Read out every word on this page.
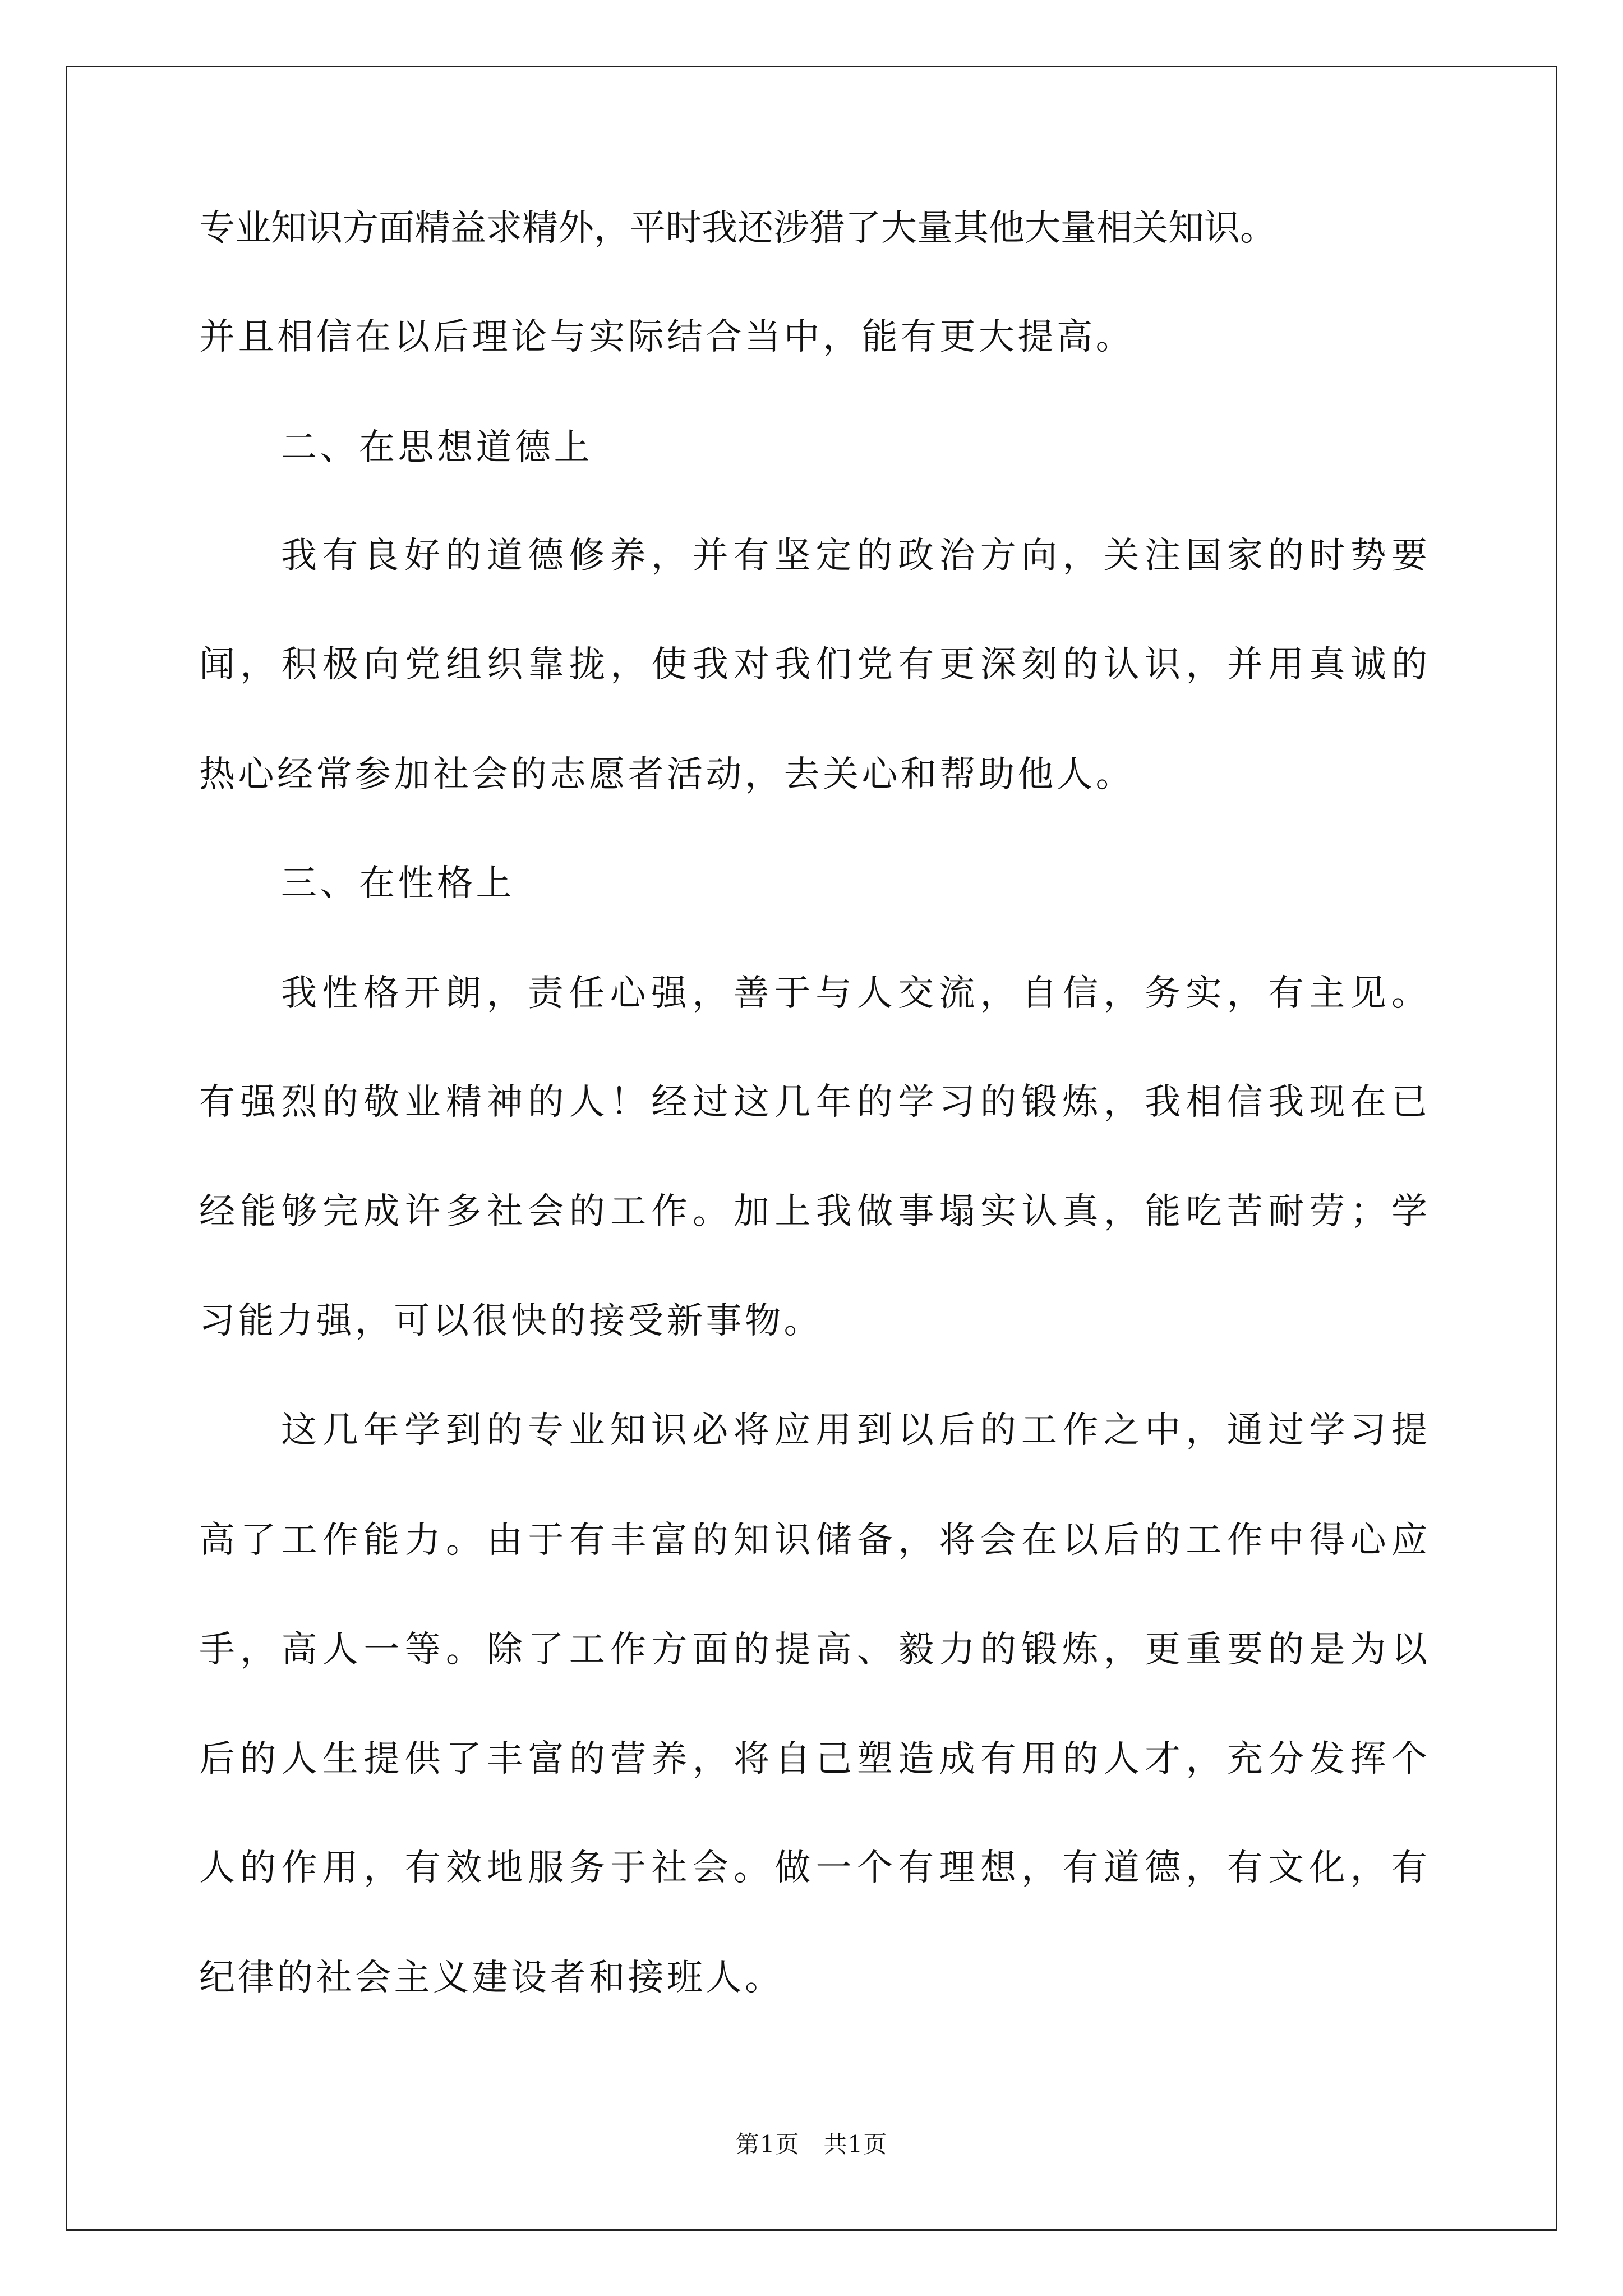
专业知识方面精益求精外，平时我还涉猎了大量其他大量相关知识。

并且相信在以后理论与实际结合当中，能有更大提高。

二、在思想道德上

我有良好的道德修养，并有坚定的政治方向，关注国家的时势要

闻，积极向党组织靠拢，使我对我们党有更深刻的认识，并用真诚的

热心经常参加社会的志愿者活动，去关心和帮助他人。

三、在性格上

我性格开朗，责任心强，善于与人交流，自信，务实，有主见。

有强烈的敬业精神的人！经过这几年的学习的锻炼，我相信我现在已

经能够完成许多社会的工作。加上我做事塌实认真，能吃苦耐劳；学

习能力强，可以很快的接受新事物。

这几年学到的专业知识必将应用到以后的工作之中，通过学习提

高了工作能力。由于有丰富的知识储备，将会在以后的工作中得心应

手，高人一等。除了工作方面的提高、毅力的锻炼，更重要的是为以

后的人生提供了丰富的营养，将自己塑造成有用的人才，充分发挥个

人的作用，有效地服务于社会。做一个有理想，有道德，有文化，有

纪律的社会主义建设者和接班人。

第1页　共1页
